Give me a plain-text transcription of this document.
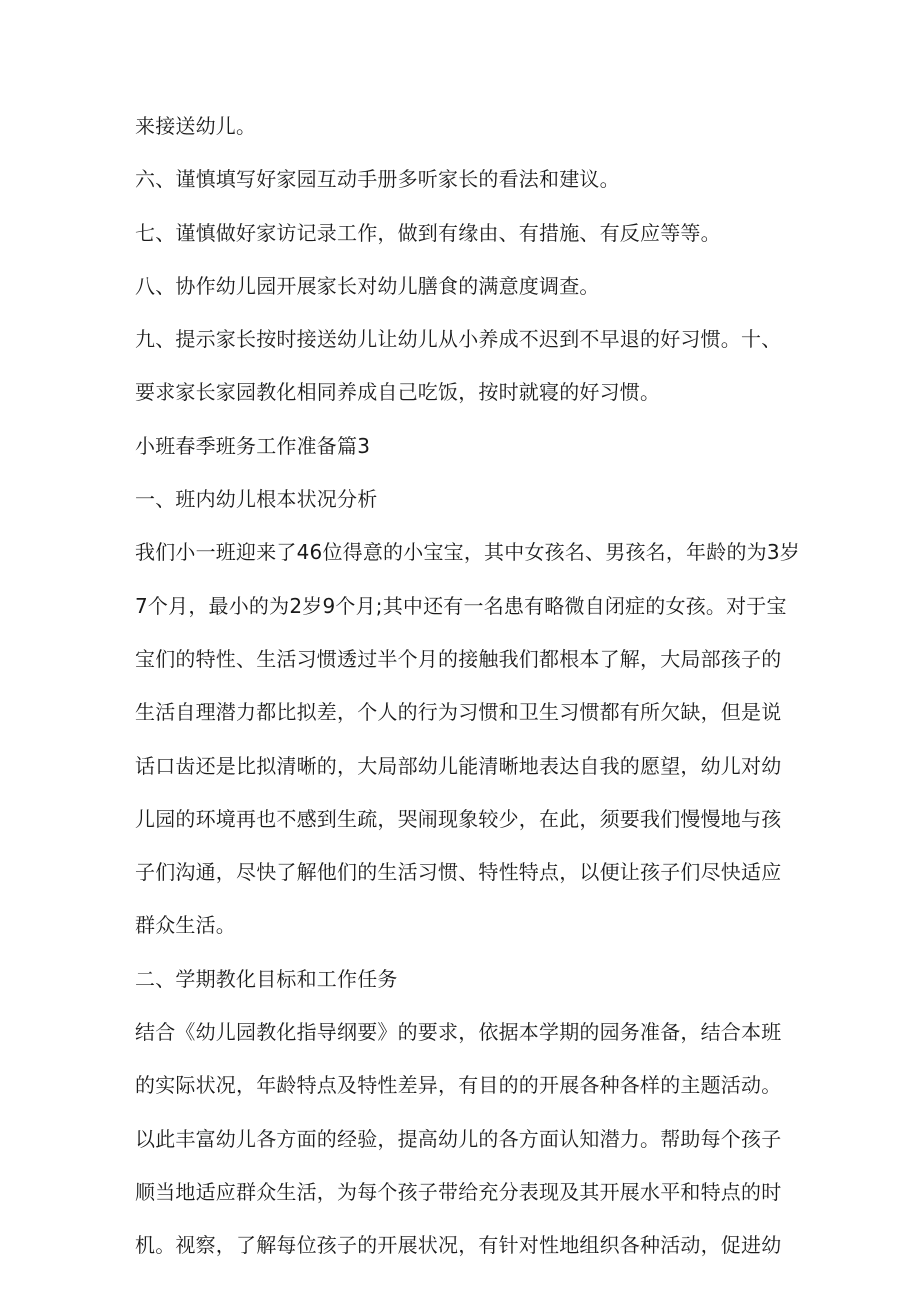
来接送幼儿。
六、谨慎填写好家园互动手册多听家长的看法和建议。
七、谨慎做好家访记录工作，做到有缘由、有措施、有反应等等。
八、协作幼儿园开展家长对幼儿膳食的满意度调查。
九、提示家长按时接送幼儿让幼儿从小养成不迟到不早退的好习惯。十、
要求家长家园教化相同养成自己吃饭，按时就寝的好习惯。
小班春季班务工作准备篇3
一、班内幼儿根本状况分析
我们小一班迎来了46位得意的小宝宝，其中女孩名、男孩名，年龄的为3岁
7个月，最小的为2岁9个月;其中还有一名患有略微自闭症的女孩。对于宝
宝们的特性、生活习惯透过半个月的接触我们都根本了解，大局部孩子的
生活自理潜力都比拟差，个人的行为习惯和卫生习惯都有所欠缺，但是说
话口齿还是比拟清晰的，大局部幼儿能清晰地表达自我的愿望，幼儿对幼
儿园的环境再也不感到生疏，哭闹现象较少，在此，须要我们慢慢地与孩
子们沟通，尽快了解他们的生活习惯、特性特点，以便让孩子们尽快适应
群众生活。
二、学期教化目标和工作任务
结合《幼儿园教化指导纲要》的要求，依据本学期的园务准备，结合本班
的实际状况，年龄特点及特性差异，有目的的开展各种各样的主题活动。
以此丰富幼儿各方面的经验，提高幼儿的各方面认知潜力。帮助每个孩子
顺当地适应群众生活，为每个孩子带给充分表现及其开展水平和特点的时
机。视察，了解每位孩子的开展状况，有针对性地组织各种活动，促进幼
